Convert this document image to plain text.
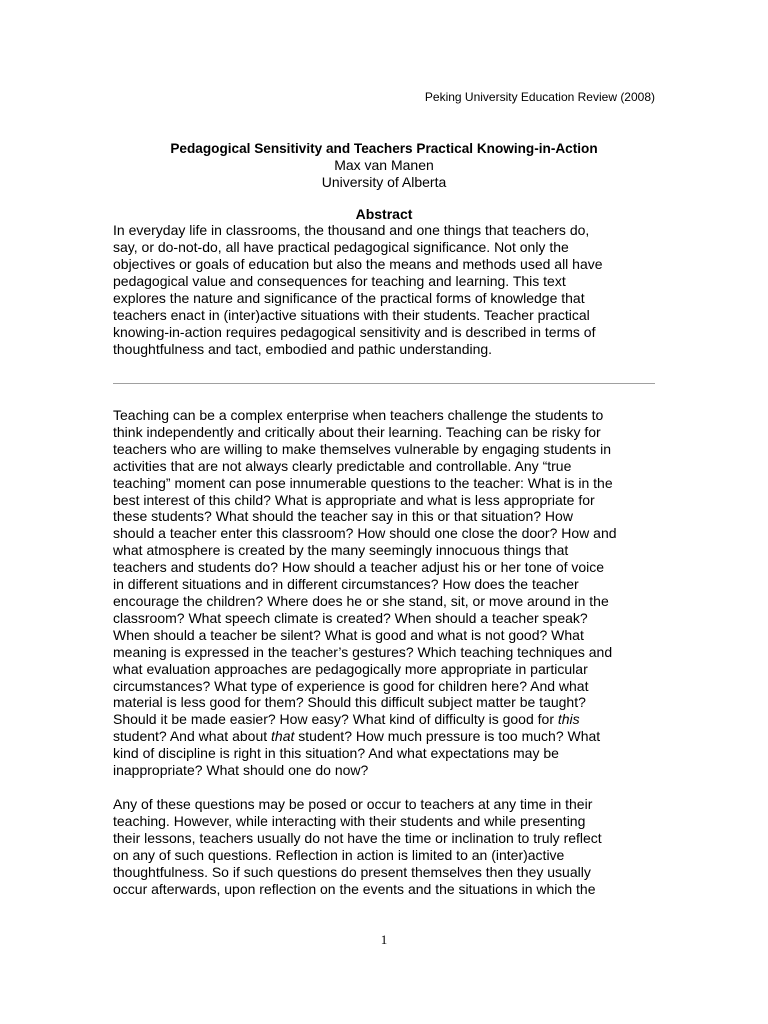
Peking University Education Review (2008)
Pedagogical Sensitivity and Teachers Practical Knowing-in-Action
Max van Manen
University of Alberta
Abstract
In everyday life in classrooms, the thousand and one things that teachers do,
say, or do-not-do, all have practical pedagogical significance. Not only the
objectives or goals of education but also the means and methods used all have
pedagogical value and consequences for teaching and learning. This text
explores the nature and significance of the practical forms of knowledge that
teachers enact in (inter)active situations with their students. Teacher practical
knowing-in-action requires pedagogical sensitivity and is described in terms of
thoughtfulness and tact, embodied and pathic understanding.
Teaching can be a complex enterprise when teachers challenge the students to
think independently and critically about their learning. Teaching can be risky for
teachers who are willing to make themselves vulnerable by engaging students in
activities that are not always clearly predictable and controllable. Any “true
teaching” moment can pose innumerable questions to the teacher: What is in the
best interest of this child? What is appropriate and what is less appropriate for
these students? What should the teacher say in this or that situation? How
should a teacher enter this classroom? How should one close the door? How and
what atmosphere is created by the many seemingly innocuous things that
teachers and students do? How should a teacher adjust his or her tone of voice
in different situations and in different circumstances? How does the teacher
encourage the children? Where does he or she stand, sit, or move around in the
classroom? What speech climate is created? When should a teacher speak?
When should a teacher be silent? What is good and what is not good? What
meaning is expressed in the teacher’s gestures? Which teaching techniques and
what evaluation approaches are pedagogically more appropriate in particular
circumstances? What type of experience is good for children here? And what
material is less good for them? Should this difficult subject matter be taught?
Should it be made easier? How easy? What kind of difficulty is good for this
student? And what about that student? How much pressure is too much? What
kind of discipline is right in this situation? And what expectations may be
inappropriate? What should one do now?
Any of these questions may be posed or occur to teachers at any time in their
teaching. However, while interacting with their students and while presenting
their lessons, teachers usually do not have the time or inclination to truly reflect
on any of such questions. Reflection in action is limited to an (inter)active
thoughtfulness. So if such questions do present themselves then they usually
occur afterwards, upon reflection on the events and the situations in which the
1
